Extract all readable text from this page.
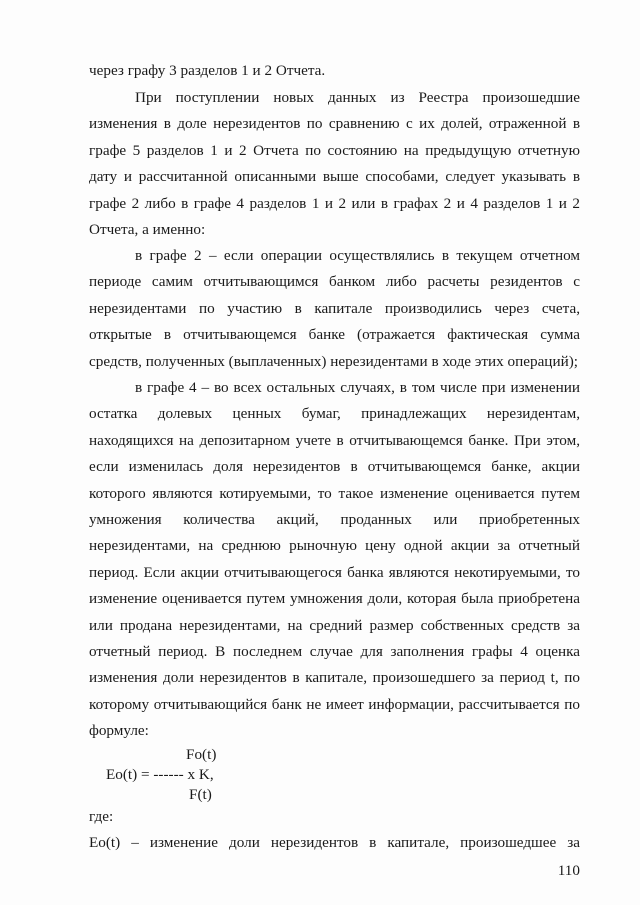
через графу 3 разделов 1 и 2 Отчета.
При поступлении новых данных из Реестра произошедшие
изменения в доле нерезидентов по сравнению с их долей, отраженной в
графе 5 разделов 1 и 2 Отчета по состоянию на предыдущую отчетную
дату и рассчитанной описанными выше способами, следует указывать в
графе 2 либо в графе 4 разделов 1 и 2 или в графах 2 и 4 разделов 1 и 2
Отчета, а именно:
в графе 2 – если операции осуществлялись в текущем отчетном
периоде самим отчитывающимся банком либо расчеты резидентов с
нерезидентами по участию в капитале производились через счета,
открытые в отчитывающемся банке (отражается фактическая сумма
средств, полученных (выплаченных) нерезидентами в ходе этих операций);
в графе 4 – во всех остальных случаях, в том числе при изменении
остатка долевых ценных бумаг, принадлежащих нерезидентам,
находящихся на депозитарном учете в отчитывающемся банке. При этом,
если изменилась доля нерезидентов в отчитывающемся банке, акции
которого являются котируемыми, то такое изменение оценивается путем
умножения количества акций, проданных или приобретенных
нерезидентами, на среднюю рыночную цену одной акции за отчетный
период. Если акции отчитывающегося банка являются некотируемыми, то
изменение оценивается путем умножения доли, которая была приобретена
или продана нерезидентами, на средний размер собственных средств за
отчетный период. В последнем случае для заполнения графы 4 оценка
изменения доли нерезидентов в капитале, произошедшего за период t, по
которому отчитывающийся банк не имеет информации, рассчитывается по
формуле:
Fo(t)
Eo(t) = ------ x K,
F(t)
где:
Eo(t) – изменение доли нерезидентов в капитале, произошедшее за
110
